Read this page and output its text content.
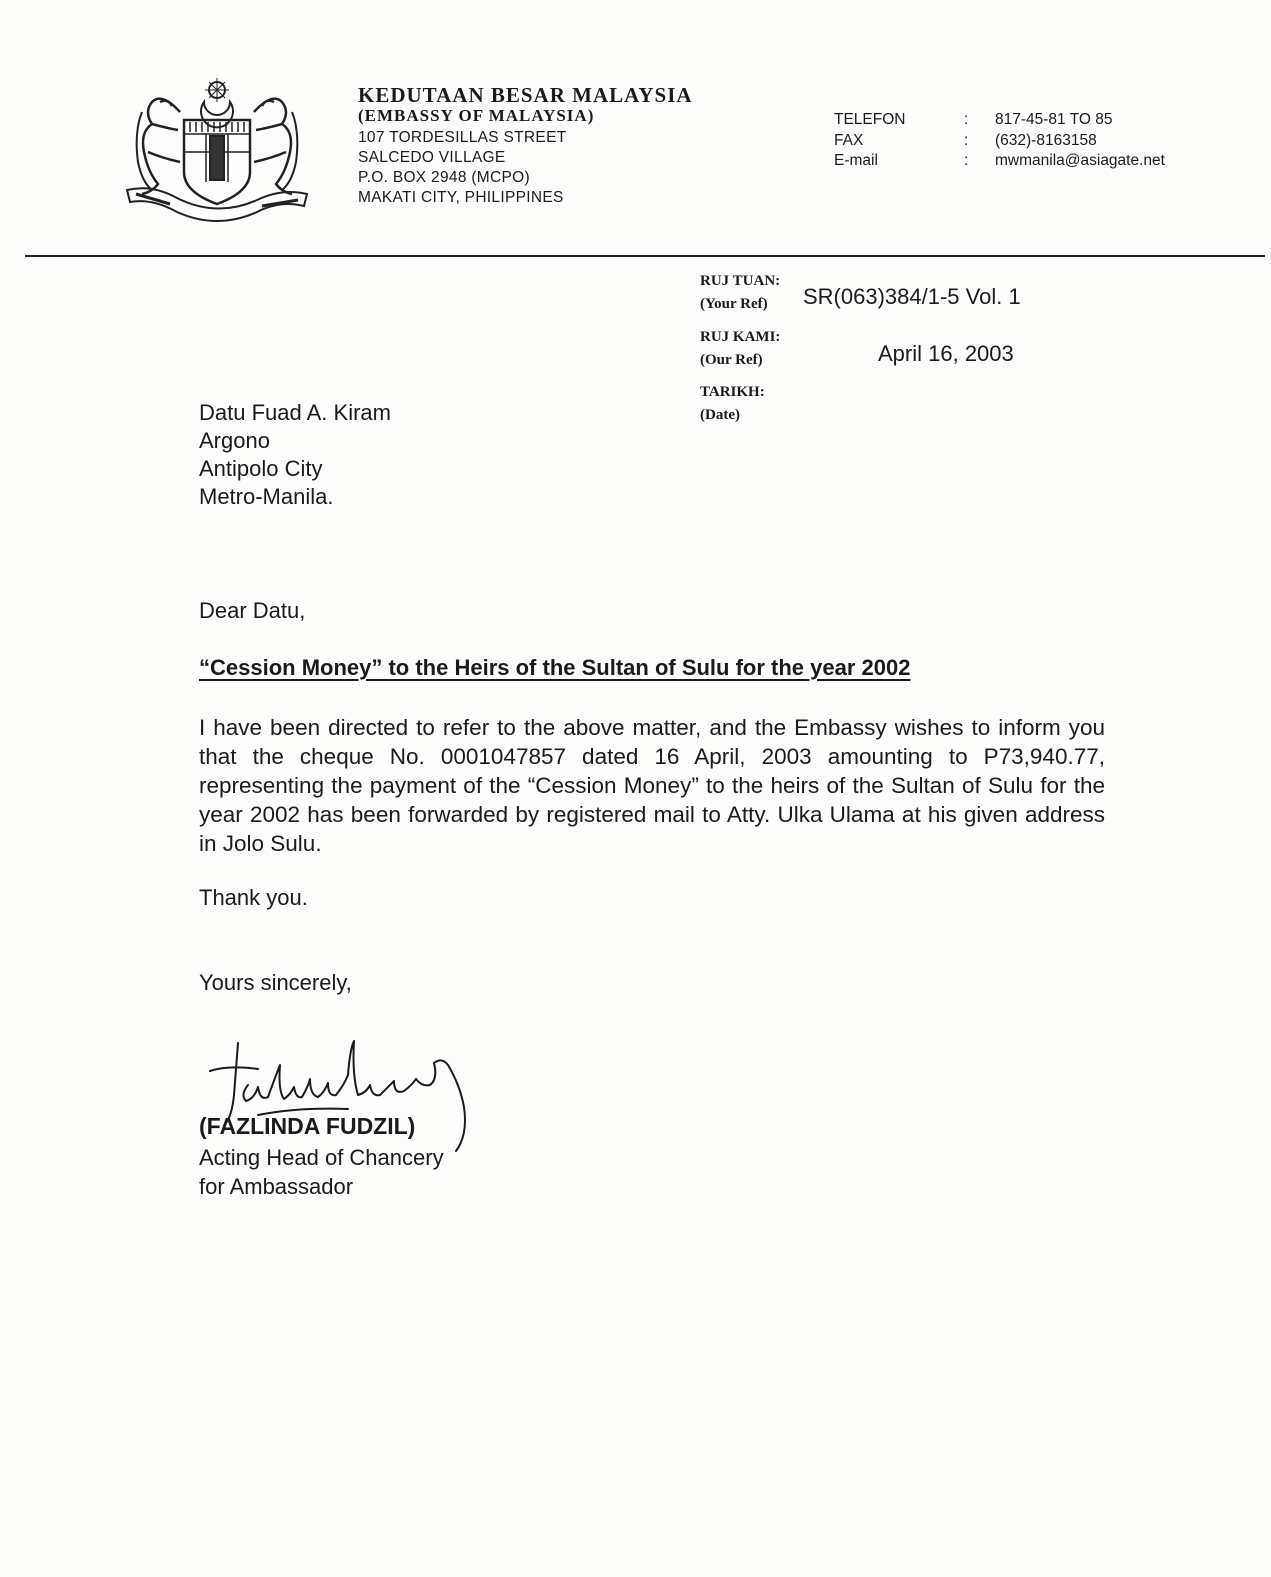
KEDUTAAN BESAR MALAYSIA
(EMBASSY OF MALAYSIA)
107 TORDESILLAS STREET
SALCEDO VILLAGE
P.O. BOX 2948 (MCPO)
MAKATI CITY, PHILIPPINES
TELEFON	: 817-45-81 TO 85
FAX	: (632)-8163158
E-mail	: mwmanila@asiagate.net
RUJ TUAN:
(Your Ref) SR(063)384/1-5 Vol. 1
RUJ KAMI:
(Our Ref)	April 16, 2003
TARIKH:
(Date)
Datu Fuad A. Kiram
Argono
Antipolo City
Metro-Manila.
Dear Datu,
“Cession Money” to the Heirs of the Sultan of Sulu for the year 2002
I have been directed to refer to the above matter, and the Embassy wishes to inform you that the cheque No. 0001047857 dated 16 April, 2003 amounting to P73,940.77, representing the payment of the “Cession Money” to the heirs of the Sultan of Sulu for the year 2002 has been forwarded by registered mail to Atty. Ulka Ulama at his given address in Jolo Sulu.
Thank you.
Yours sincerely,
(FAZLINDA FUDZIL)
Acting Head of Chancery
for Ambassador
